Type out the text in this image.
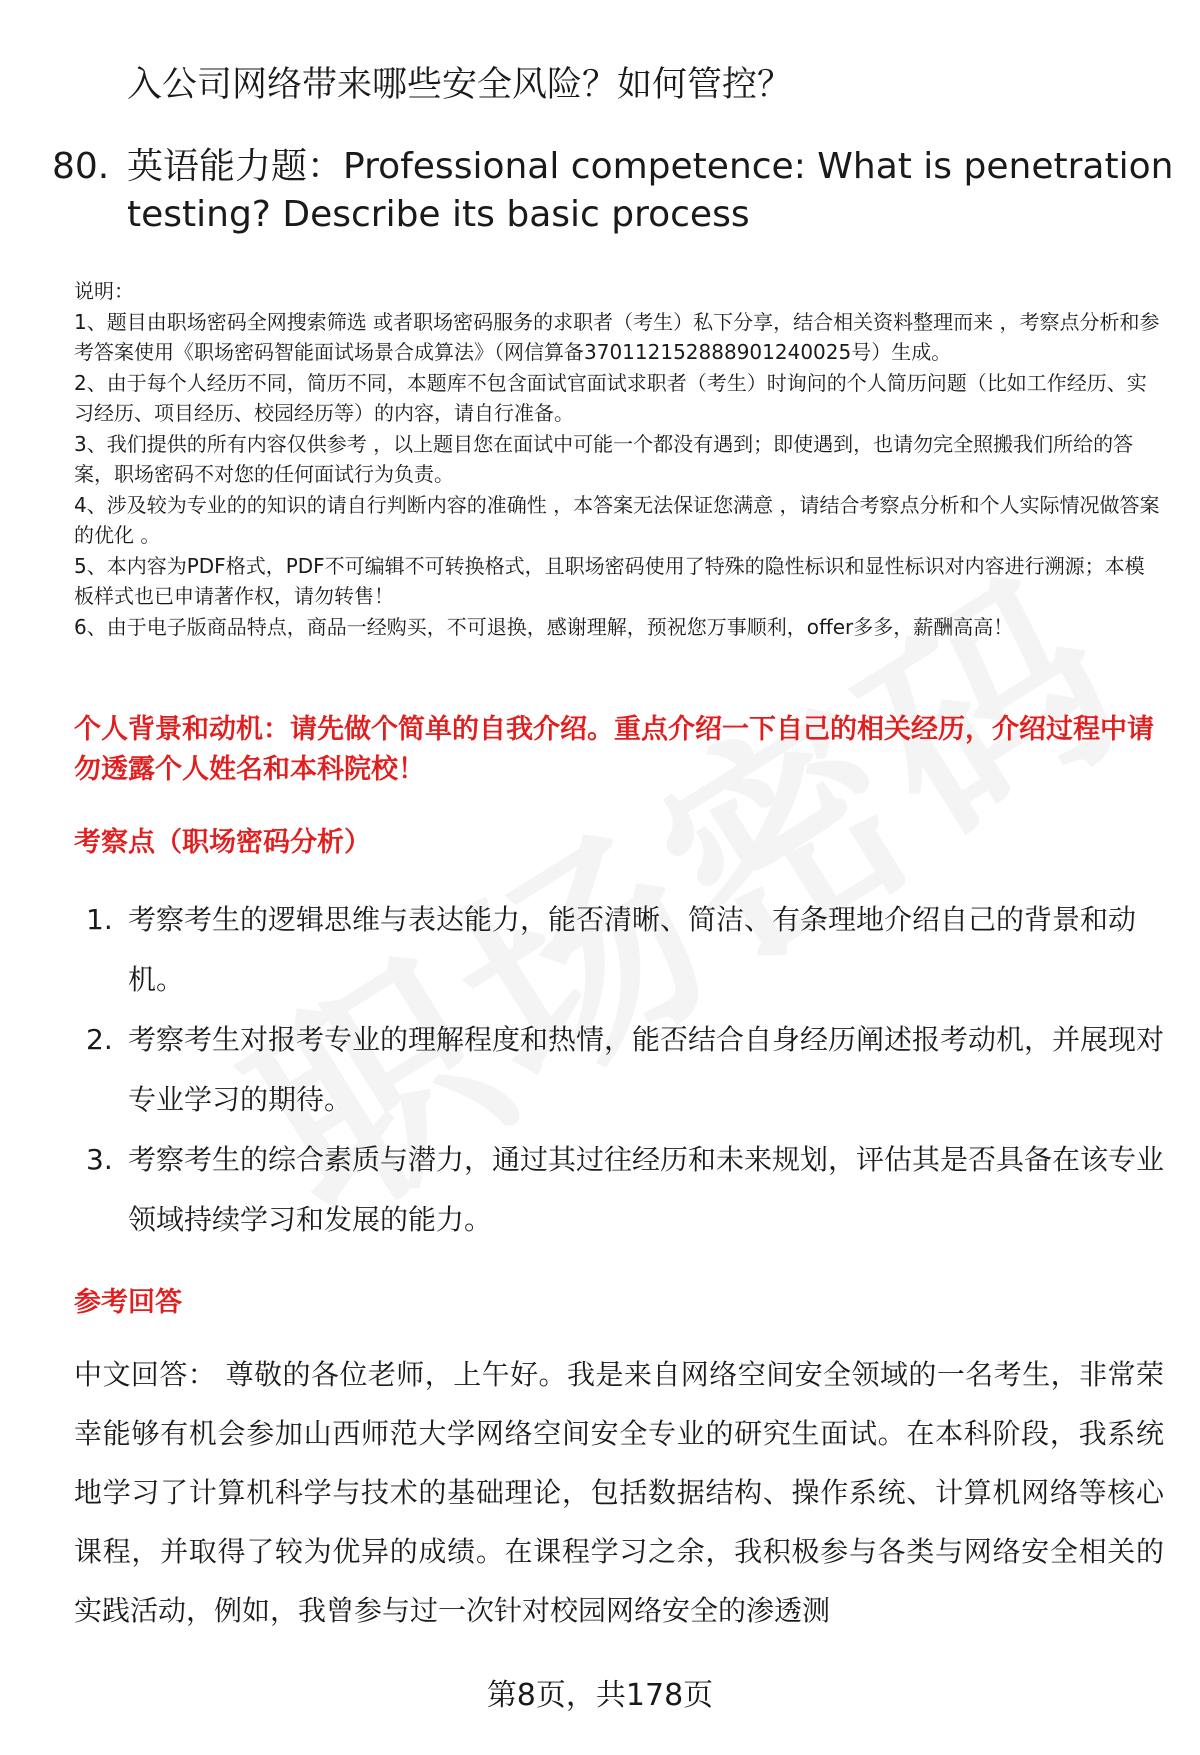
入公司网络带来哪些安全风险？如何管控？
80. 英语能力题：Professional competence: What is penetration testing? Describe its basic process
说明：
1、题目由职场密码全网搜索筛选 或者职场密码服务的求职者（考生）私下分享，结合相关资料整理而来 ，考察点分析和参考答案使用《职场密码智能面试场景合成算法》（网信算备370112152888901240025号）生成。
2、由于每个人经历不同，简历不同，本题库不包含面试官面试求职者（考生）时询问的个人简历问题（比如工作经历、实习经历、项目经历、校园经历等）的内容，请自行准备。
3、我们提供的所有内容仅供参考 ，以上题目您在面试中可能一个都没有遇到；即使遇到，也请勿完全照搬我们所给的答案，职场密码不对您的任何面试行为负责。
4、涉及较为专业的的知识的请自行判断内容的准确性 ，本答案无法保证您满意 ，请结合考察点分析和个人实际情况做答案的优化 。
5、本内容为PDF格式，PDF不可编辑不可转换格式，且职场密码使用了特殊的隐性标识和显性标识对内容进行溯源；本模板样式也已申请著作权，请勿转售！
6、由于电子版商品特点，商品一经购买，不可退换，感谢理解，预祝您万事顺利，offer多多，薪酬高高！
个人背景和动机：请先做个简单的自我介绍。重点介绍一下自己的相关经历，介绍过程中请勿透露个人姓名和本科院校！
考察点（职场密码分析）
1. 考察考生的逻辑思维与表达能力，能否清晰、简洁、有条理地介绍自己的背景和动机。
2. 考察考生对报考专业的理解程度和热情，能否结合自身经历阐述报考动机，并展现对专业学习的期待。
3. 考察考生的综合素质与潜力，通过其过往经历和未来规划，评估其是否具备在该专业领域持续学习和发展的能力。
参考回答
中文回答： 尊敬的各位老师，上午好。我是来自网络空间安全领域的一名考生，非常荣幸能够有机会参加山西师范大学网络空间安全专业的研究生面试。在本科阶段，我系统地学习了计算机科学与技术的基础理论，包括数据结构、操作系统、计算机网络等核心课程，并取得了较为优异的成绩。在课程学习之余，我积极参与各类与网络安全相关的实践活动，例如，我曾参与过一次针对校园网络安全的渗透测
第8页，共178页
